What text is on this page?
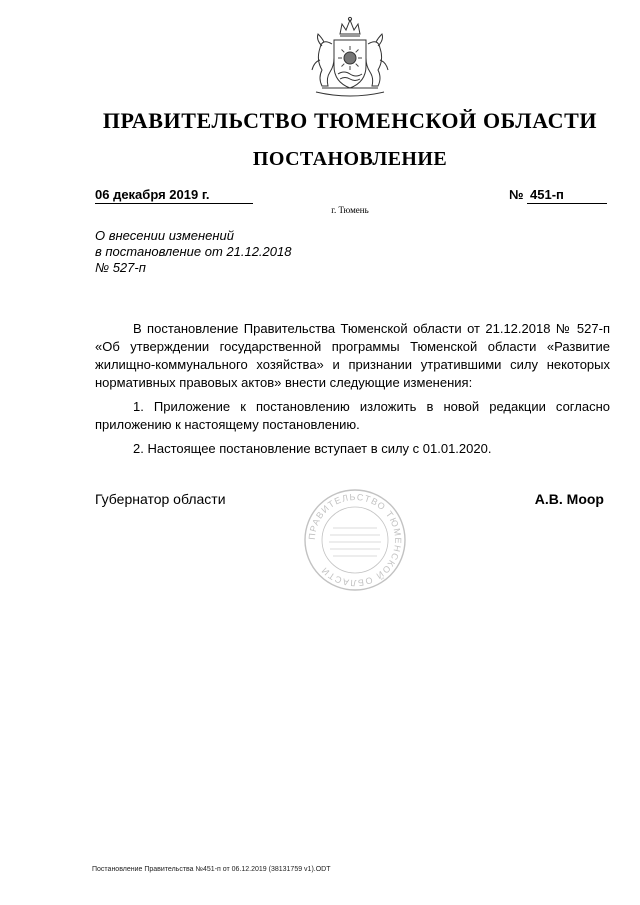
ПРАВИТЕЛЬСТВО ТЮМЕНСКОЙ ОБЛАСТИ
ПОСТАНОВЛЕНИЕ
06 декабря 2019 г.	№ 451-п
г. Тюмень
О внесении изменений
в постановление от 21.12.2018
№ 527-п

В постановление Правительства Тюменской области от 21.12.2018 № 527-п «Об утверждении государственной программы Тюменской области «Развитие жилищно-коммунального хозяйства» и признании утратившими силу некоторых нормативных правовых актов» внести следующие изменения:

1. Приложение к постановлению изложить в новой редакции согласно приложению к настоящему постановлению.

2. Настоящее постановление вступает в силу с 01.01.2020.

Губернатор области
ПРАВИТЕЛЬСТВО ТЮМЕНСКОЙ ОБЛАСТИ
А.В. Моор
Постановление Правительства №451-п от 06.12.2019 (38131759 v1).ODT
